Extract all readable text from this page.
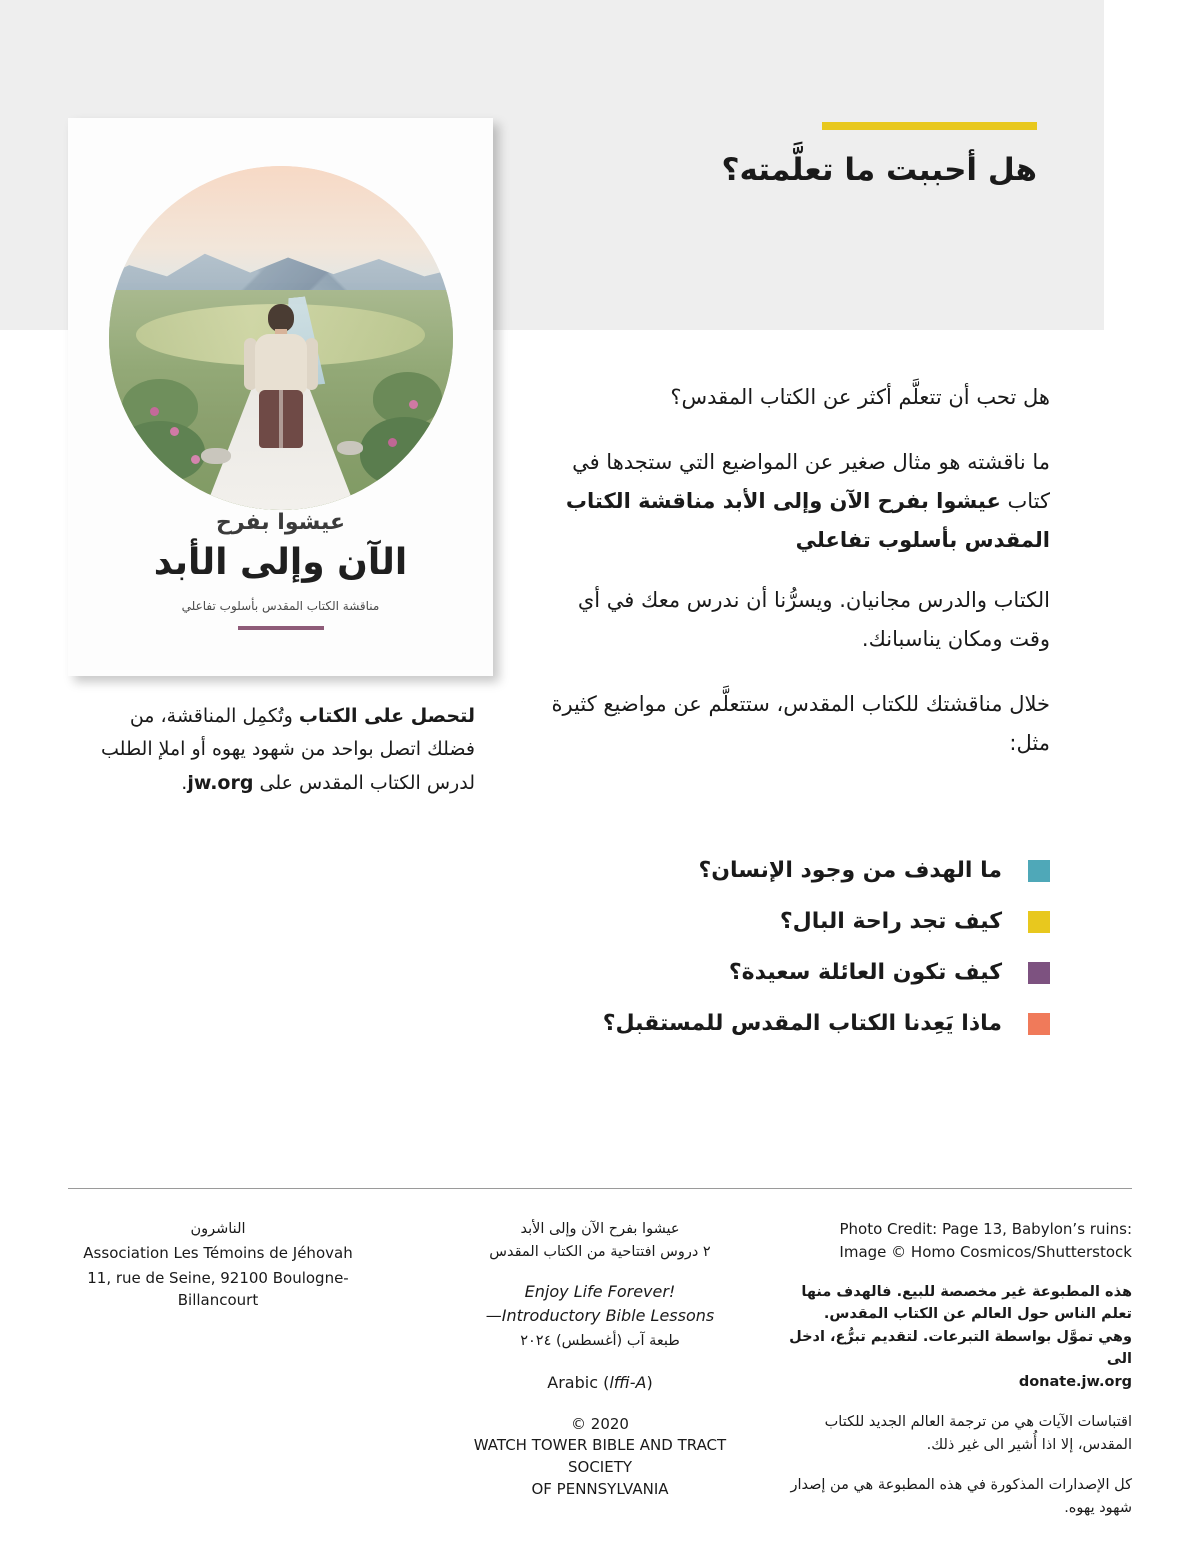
هل أحببت ما تعلَّمته؟
عيشوا بفرح
الآن وإلى الأبد
مناقشة الكتاب المقدس بأسلوب تفاعلي
لتحصل على الكتاب وتُكمِل المناقشة، من فضلك اتصل بواحد من شهود يهوه أو املإ الطلب لدرس الكتاب المقدس على jw.org.

هل تحب أن تتعلَّم أكثر عن الكتاب المقدس؟

ما ناقشته هو مثال صغير عن المواضيع التي ستجدها في كتاب عيشوا بفرح الآن وإلى الأبد مناقشة الكتاب المقدس بأسلوب تفاعلي

الكتاب والدرس مجانيان. ويسرُّنا أن ندرس معك في أي وقت ومكان يناسبانك.

خلال مناقشتك للكتاب المقدس، ستتعلَّم عن مواضيع كثيرة مثل:

ما الهدف من وجود الإنسان؟
كيف تجد راحة البال؟
كيف تكون العائلة سعيدة؟
ماذا يَعِدنا الكتاب المقدس للمستقبل؟
Photo Credit: Page 13, Babylon’s ruins:
Image © Homo Cosmicos/Shutterstock
هذه المطبوعة غير مخصصة للبيع. فالهدف منها تعلم الناس حول العالم عن الكتاب المقدس. وهي تموَّل بواسطة التبرعات. لتقديم تبرُّع، ادخل الى
donate.jw.org
اقتباسات الآيات هي من ترجمة العالم الجديد للكتاب المقدس، إلا اذا أُشير الى غير ذلك.
كل الإصدارات المذكورة في هذه المطبوعة هي من إصدار شهود يهوه.
عيشوا بفرح الآن وإلى الأبد
٢ دروس افتتاحية من الكتاب المقدس
Enjoy Life Forever!
—Introductory Bible Lessons
طبعة آب (أغسطس) ٢٠٢٤
Arabic (lffi-A)
© 2020
WATCH TOWER BIBLE AND TRACT SOCIETY
OF PENNSYLVANIA
الناشرون
Association Les Témoins de Jéhovah
11, rue de Seine, 92100 Boulogne-Billancourt
